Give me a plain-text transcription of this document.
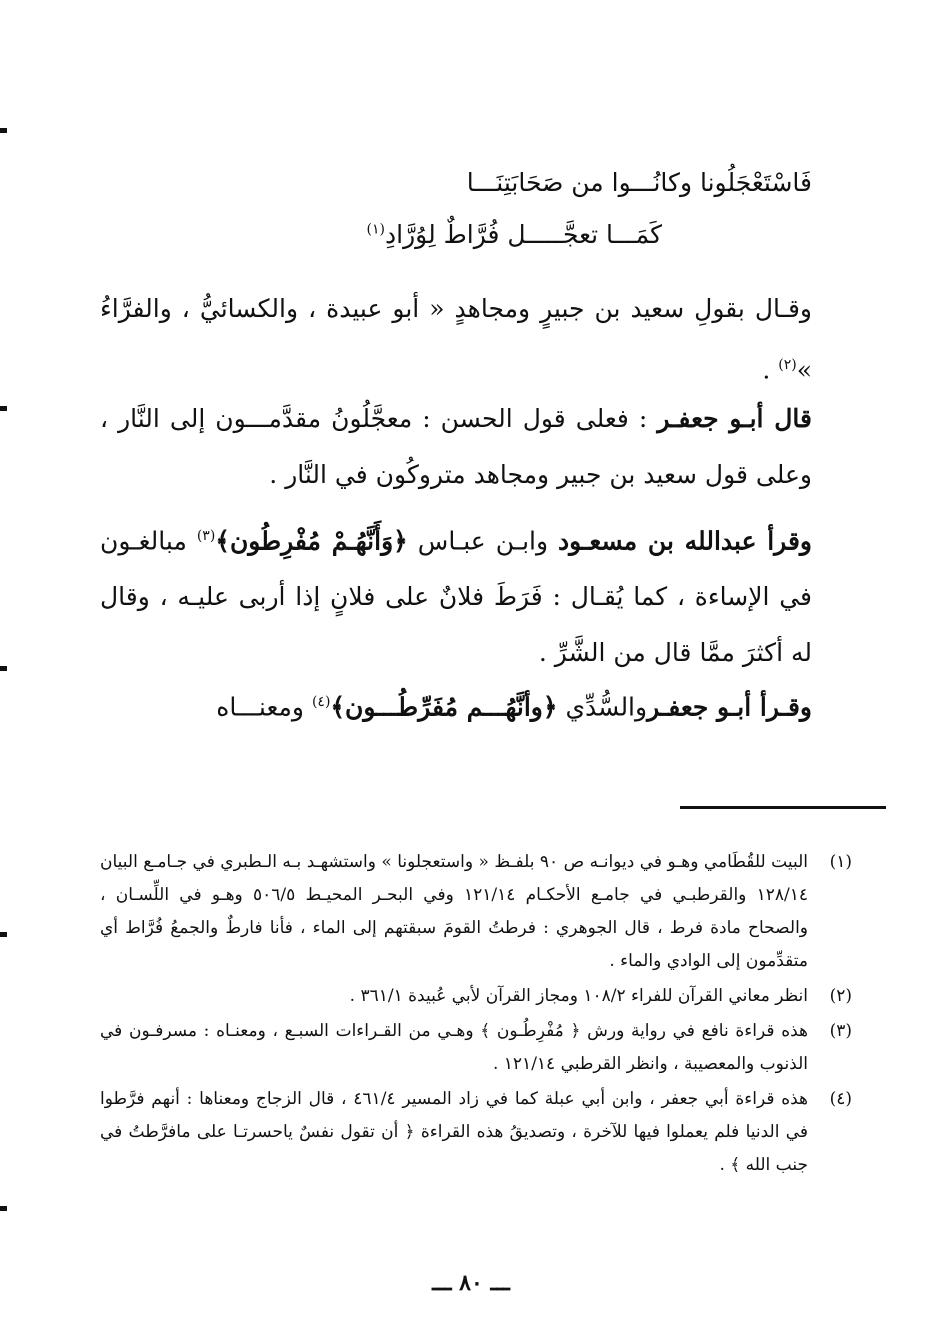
فَاسْتَعْجَلُونا وكانُـــوا من صَحَابَتِنَـــا
كَمَـــا تعجَّـــــل فُرَّاطٌ لِوُرَّادِ$^{(١)}$

وقـال بقولِ سعيد بن جبيرٍ ومجاهدٍ « أبو عبيدة ، والكسائيُّ ، والفرَّاءُ »$^{(٢)}$ .

قال أبـو جعفـر : فعلى قول الحسن : معجَّلُونُ مقدَّمـــون إلى النَّار ، وعلى قول سعيد بن جبير ومجاهد متروكُون في النَّار .

وقرأ عبدالله بن مسعـود وابـن عبـاس ﴿وَأَنَّهُـمْ مُفْرِطُون﴾$^{(٣)}$ مبالغـون في الإساءة ، كما يُقـال : فَرَطَ فلانٌ على فلانٍ إذا أربى عليـه ، وقال له أكثرَ ممَّا قال من الشَّرِّ .

وقـرأ أبـو جعفـروالسُّدِّي ﴿وأنَّهُـــم مُفَرِّطُـــون﴾$^{(٤)}$ ومعنـــاه

(١)
البيت للقُطَامي وهـو في ديوانـه ص ٩٠ بلفـظ « واستعجلونا » واستشهـد بـه الـطبري في جـامـع البيان ١٢٨/١٤ والقرطبـي في جامـع الأحكـام ١٢١/١٤ وفي البحـر المحيـط ٥٠٦/٥ وهـو في اللِّسـان ، والصحاح مادة فرط ، قال الجوهري : فرطتُ القومَ سبقتهم إلى الماء ، فأنا فارطٌ والجمعُ فُرَّاط أي متقدِّمون إلى الوادي والماء .
(٢)
انظر معاني القرآن للفراء ١٠٨/٢ ومجاز القرآن لأبي عُبيدة ٣٦١/١ .
(٣)
هذه قراءة نافع في رواية ورش ﴿ مُفْرِطُـون ﴾ وهـي من القـراءات السبـع ، ومعنـاه : مسرفـون في الذنوب والمعصيبة ، وانظر القرطبي ١٢١/١٤ .
(٤)
هذه قراءة أبي جعفر ، وابن أبي عبلة كما في زاد المسير ٤٦١/٤ ، قال الزجاج ومعناها : أنهم فرَّطوا في الدنيا فلم يعملوا فيها للآخرة ، وتصديقُ هذه القراءة ﴿ أن تقول نفسٌ ياحسرتـا على مافرَّطتُ في جنب الله ﴾ .
ـــ ٨٠ ـــ
